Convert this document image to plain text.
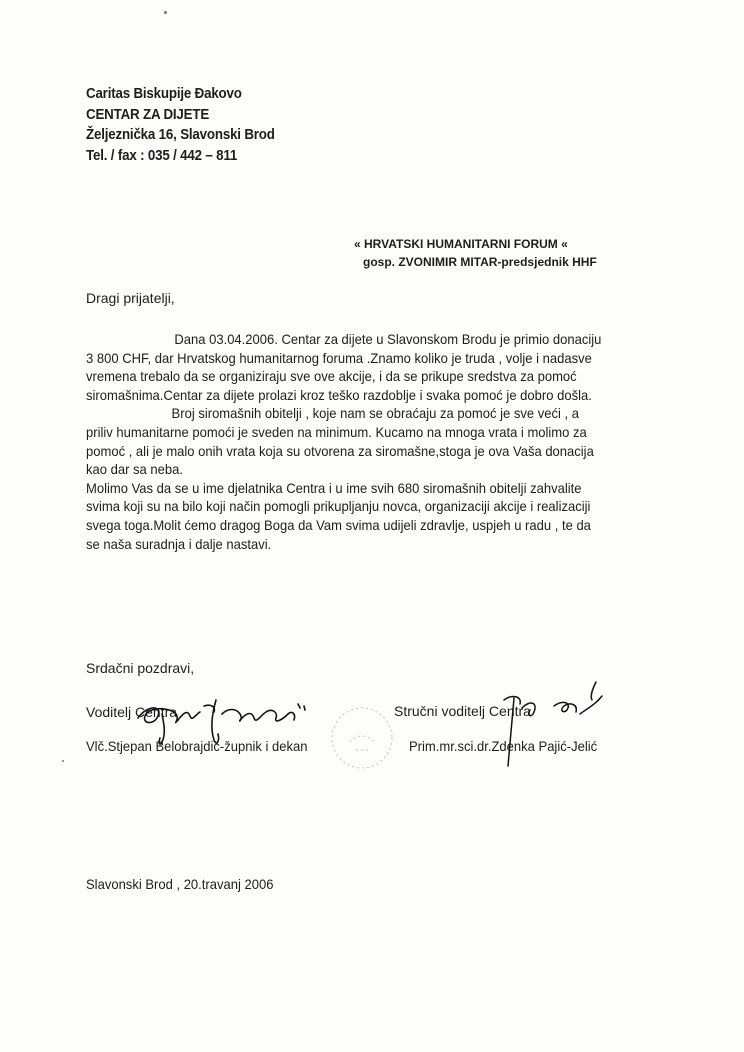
Caritas Biskupije Đakovo
CENTAR ZA DIJETE
Željeznička 16, Slavonski Brod
Tel. / fax : 035 / 442 – 811
« HRVATSKI HUMANITARNI FORUM «
gosp. ZVONIMIR MITAR-predsjednik HHF
Dragi prijatelji,
Dana 03.04.2006. Centar za dijete u Slavonskom Brodu je primio donaciju
3 800 CHF, dar Hrvatskog humanitarnog foruma .Znamo koliko je truda , volje i nadasve
vremena trebalo da se organiziraju sve ove akcije, i da se prikupe sredstva za pomoć
siromašnima.Centar za dijete prolazi kroz teško razdoblje i svaka pomoć je dobro došla.
Broj siromašnih obitelji , koje nam se obraćaju za pomoć je sve veći , a
priliv humanitarne pomoći je sveden na minimum. Kucamo na mnoga vrata i molimo za
pomoć , ali je malo onih vrata koja su otvorena za siromašne,stoga je ova Vaša donacija
kao dar sa neba.
Molimo Vas da se u ime djelatnika Centra i u ime svih 680 siromašnih obitelji zahvalite
svima koji su na bilo koji način pomogli prikupljanju novca, organizaciji akcije i realizaciji
svega toga.Molit ćemo dragog Boga da Vam svima udijeli zdravlje, uspjeh u radu , te da
se naša suradnja i dalje nastavi.
Srdačni pozdravi,
Voditelj Centra
Vlč.Stjepan Belobrajdić-župnik i dekan
Stručni voditelj Centra
Prim.mr.sci.dr.Zdenka Pajić-Jelić
Slavonski Brod , 20.travanj 2006
